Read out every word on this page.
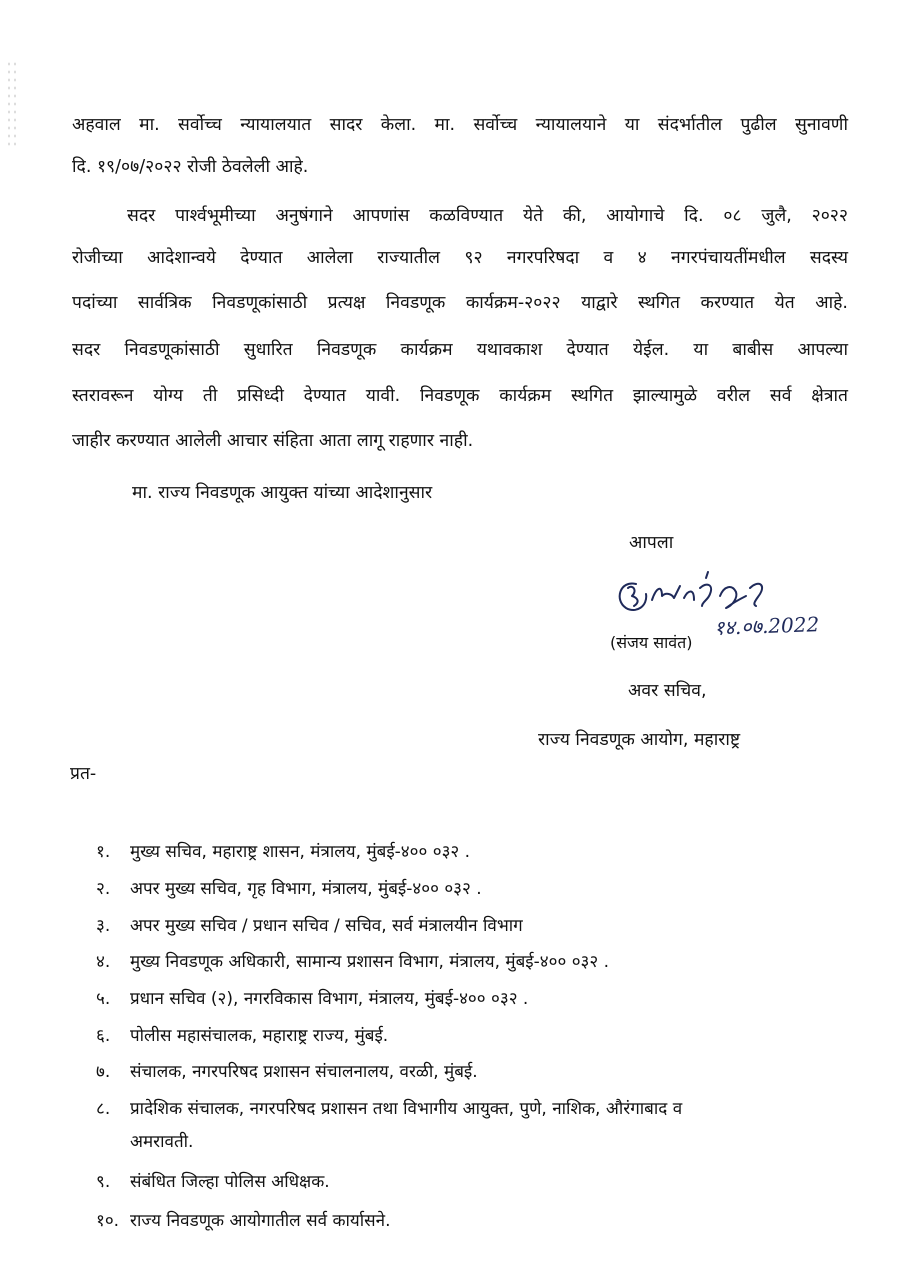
अहवाल मा. सर्वोच्च न्यायालयात सादर केला. मा. सर्वोच्च न्यायालयाने या संदर्भातील पुढील सुनावणी
दि. १९/०७/२०२२ रोजी ठेवलेली आहे.
सदर पार्श्वभूमीच्या अनुषंगाने आपणांस कळविण्यात येते की, आयोगाचे दि. ०८ जुलै, २०२२
रोजीच्या आदेशान्वये देण्यात आलेला राज्यातील ९२ नगरपरिषदा व ४ नगरपंचायतींमधील सदस्य
पदांच्या सार्वत्रिक निवडणूकांसाठी प्रत्यक्ष निवडणूक कार्यक्रम-२०२२ याद्वारे स्थगित करण्यात येत आहे.
सदर निवडणूकांसाठी सुधारित निवडणूक कार्यक्रम यथावकाश देण्यात येईल. या बाबीस आपल्या
स्तरावरून योग्य ती प्रसिध्दी देण्यात यावी. निवडणूक कार्यक्रम स्थगित झाल्यामुळे वरील सर्व क्षेत्रात
जाहीर करण्यात आलेली आचार संहिता आता लागू राहणार नाही.
मा. राज्य निवडणूक आयुक्त यांच्या आदेशानुसार
आपला
(संजय सावंत)
१४.०७.2022
अवर सचिव,
राज्य निवडणूक आयोग, महाराष्ट्र
प्रत-
१. मुख्य सचिव, महाराष्ट्र शासन, मंत्रालय, मुंबई-४०० ०३२ .
२. अपर मुख्य सचिव, गृह विभाग, मंत्रालय, मुंबई-४०० ०३२ .
३. अपर मुख्य सचिव / प्रधान सचिव / सचिव, सर्व मंत्रालयीन विभाग
४. मुख्य निवडणूक अधिकारी, सामान्य प्रशासन विभाग, मंत्रालय, मुंबई-४०० ०३२ .
५. प्रधान सचिव (२), नगरविकास विभाग, मंत्रालय, मुंबई-४०० ०३२ .
६. पोलीस महासंचालक, महाराष्ट्र राज्य, मुंबई.
७. संचालक, नगरपरिषद प्रशासन संचालनालय, वरळी, मुंबई.
८. प्रादेशिक संचालक, नगरपरिषद प्रशासन तथा विभागीय आयुक्त, पुणे, नाशिक, औरंगाबाद व
अमरावती.
९. संबंधित जिल्हा पोलिस अधिक्षक.
१०. राज्य निवडणूक आयोगातील सर्व कार्यासने.
